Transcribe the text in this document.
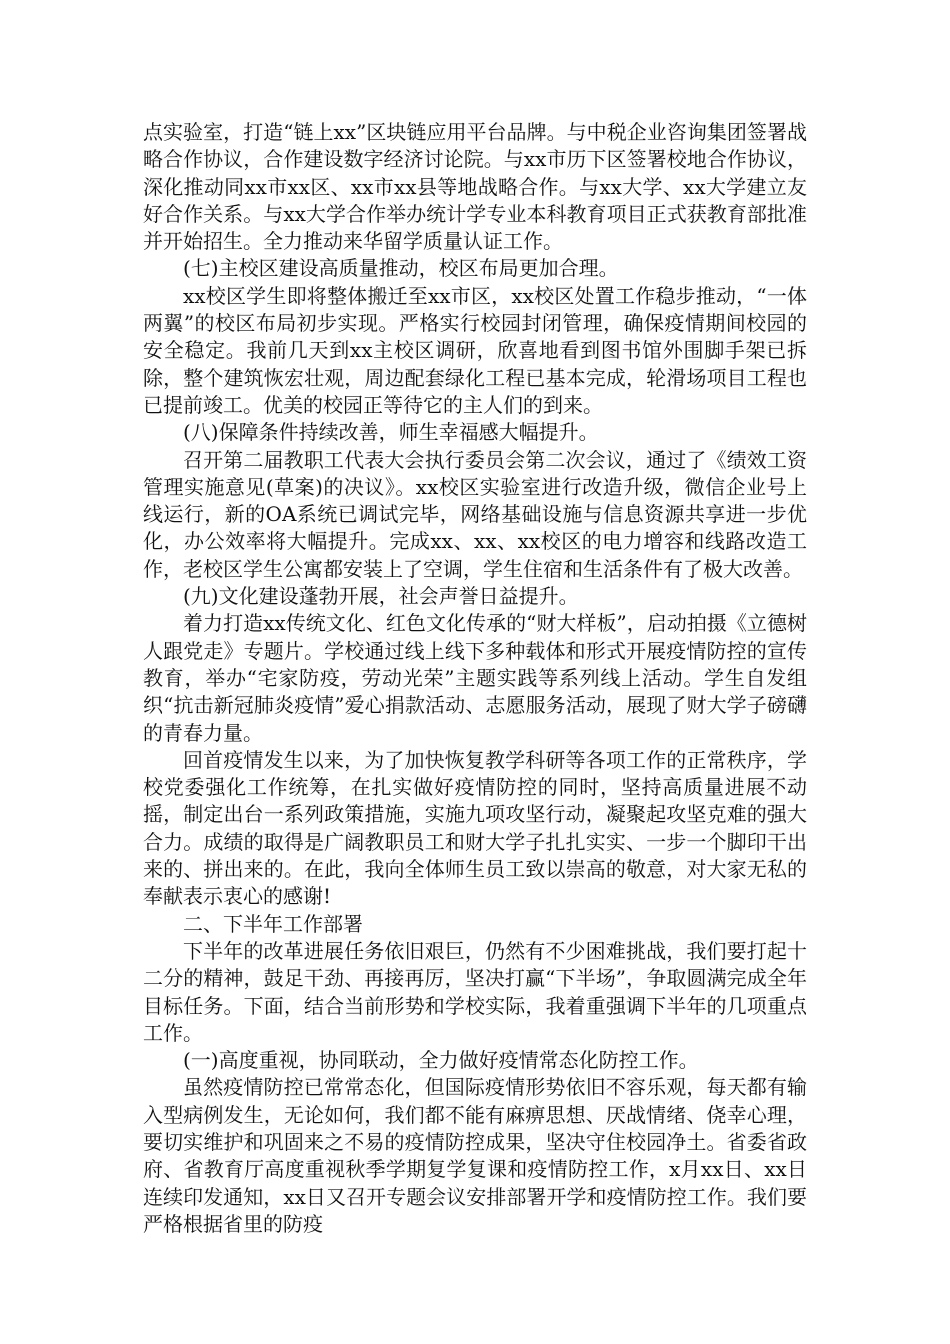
点实验室，打造“链上xx”区块链应用平台品牌。与中税企业咨询集团签署战略合作协议，合作建设数字经济讨论院。与xx市历下区签署校地合作协议，深化推动同xx市xx区、xx市xx县等地战略合作。与xx大学、xx大学建立友好合作关系。与xx大学合作举办统计学专业本科教育项目正式获教育部批准并开始招生。全力推动来华留学质量认证工作。

(七)主校区建设高质量推动，校区布局更加合理。

xx校区学生即将整体搬迁至xx市区，xx校区处置工作稳步推动，“一体两翼”的校区布局初步实现。严格实行校园封闭管理，确保疫情期间校园的安全稳定。我前几天到xx主校区调研，欣喜地看到图书馆外围脚手架已拆除，整个建筑恢宏壮观，周边配套绿化工程已基本完成，轮滑场项目工程也已提前竣工。优美的校园正等待它的主人们的到来。

(八)保障条件持续改善，师生幸福感大幅提升。

召开第二届教职工代表大会执行委员会第二次会议，通过了《绩效工资管理实施意见(草案)的决议》。xx校区实验室进行改造升级，微信企业号上线运行，新的OA系统已调试完毕，网络基础设施与信息资源共享进一步优化，办公效率将大幅提升。完成xx、xx、xx校区的电力增容和线路改造工作，老校区学生公寓都安装上了空调，学生住宿和生活条件有了极大改善。

(九)文化建设蓬勃开展，社会声誉日益提升。

着力打造xx传统文化、红色文化传承的“财大样板”，启动拍摄《立德树人跟党走》专题片。学校通过线上线下多种载体和形式开展疫情防控的宣传教育，举办“宅家防疫，劳动光荣”主题实践等系列线上活动。学生自发组织“抗击新冠肺炎疫情”爱心捐款活动、志愿服务活动，展现了财大学子磅礴的青春力量。

回首疫情发生以来，为了加快恢复教学科研等各项工作的正常秩序，学校党委强化工作统筹，在扎实做好疫情防控的同时，坚持高质量进展不动摇，制定出台一系列政策措施，实施九项攻坚行动，凝聚起攻坚克难的强大合力。成绩的取得是广阔教职员工和财大学子扎扎实实、一步一个脚印干出来的、拼出来的。在此，我向全体师生员工致以崇高的敬意，对大家无私的奉献表示衷心的感谢!

二、下半年工作部署

下半年的改革进展任务依旧艰巨，仍然有不少困难挑战，我们要打起十二分的精神，鼓足干劲、再接再厉，坚决打赢“下半场”，争取圆满完成全年目标任务。下面，结合当前形势和学校实际，我着重强调下半年的几项重点工作。

(一)高度重视，协同联动，全力做好疫情常态化防控工作。

虽然疫情防控已常常态化，但国际疫情形势依旧不容乐观，每天都有输入型病例发生，无论如何，我们都不能有麻痹思想、厌战情绪、侥幸心理，要切实维护和巩固来之不易的疫情防控成果，坚决守住校园净土。省委省政府、省教育厅高度重视秋季学期复学复课和疫情防控工作，x月xx日、xx日连续印发通知，xx日又召开专题会议安排部署开学和疫情防控工作。我们要严格根据省里的防疫
